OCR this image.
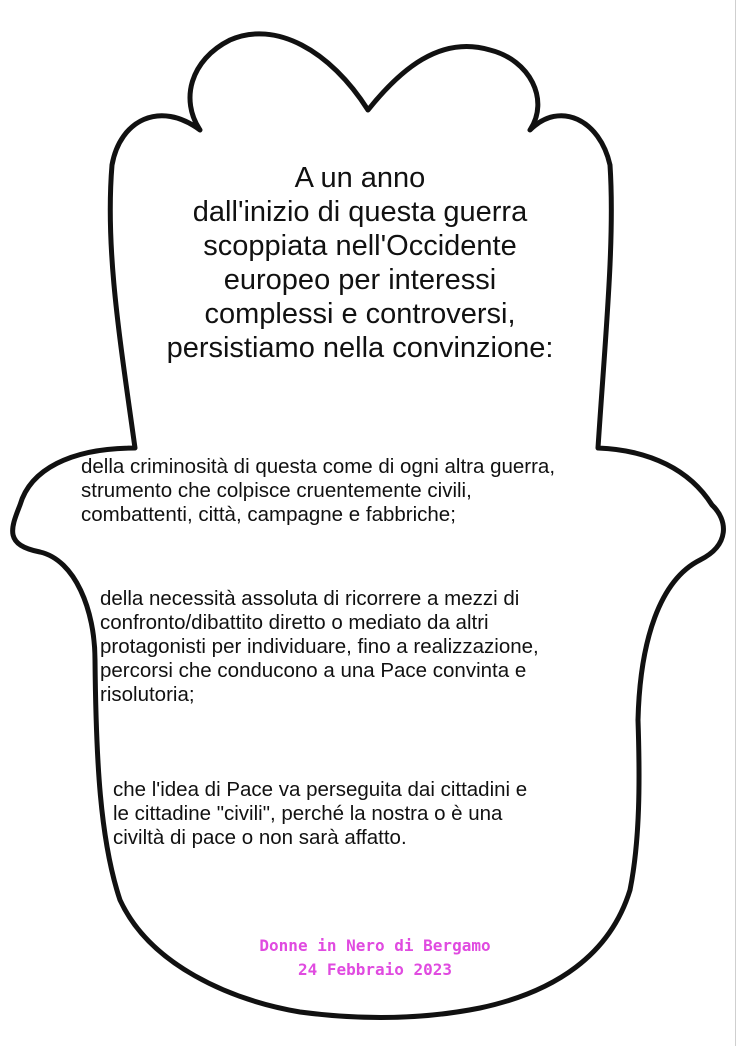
A un anno
dall'inizio di questa guerra
scoppiata nell'Occidente
europeo per interessi
complessi e controversi,
persistiamo nella convinzione:

della criminosità di questa come di ogni altra guerra,
strumento che colpisce cruentemente civili,
combattenti, città, campagne e fabbriche;

della necessità assoluta di ricorrere a mezzi di
confronto/dibattito diretto o mediato da altri
protagonisti per individuare, fino a realizzazione,
percorsi che conducono a una Pace convinta e
risolutoria;

che l'idea di Pace va perseguita dai cittadini e
le cittadine "civili", perché la nostra o è una
civiltà di pace o non sarà affatto.

Donne in Nero di Bergamo
24 Febbraio 2023
